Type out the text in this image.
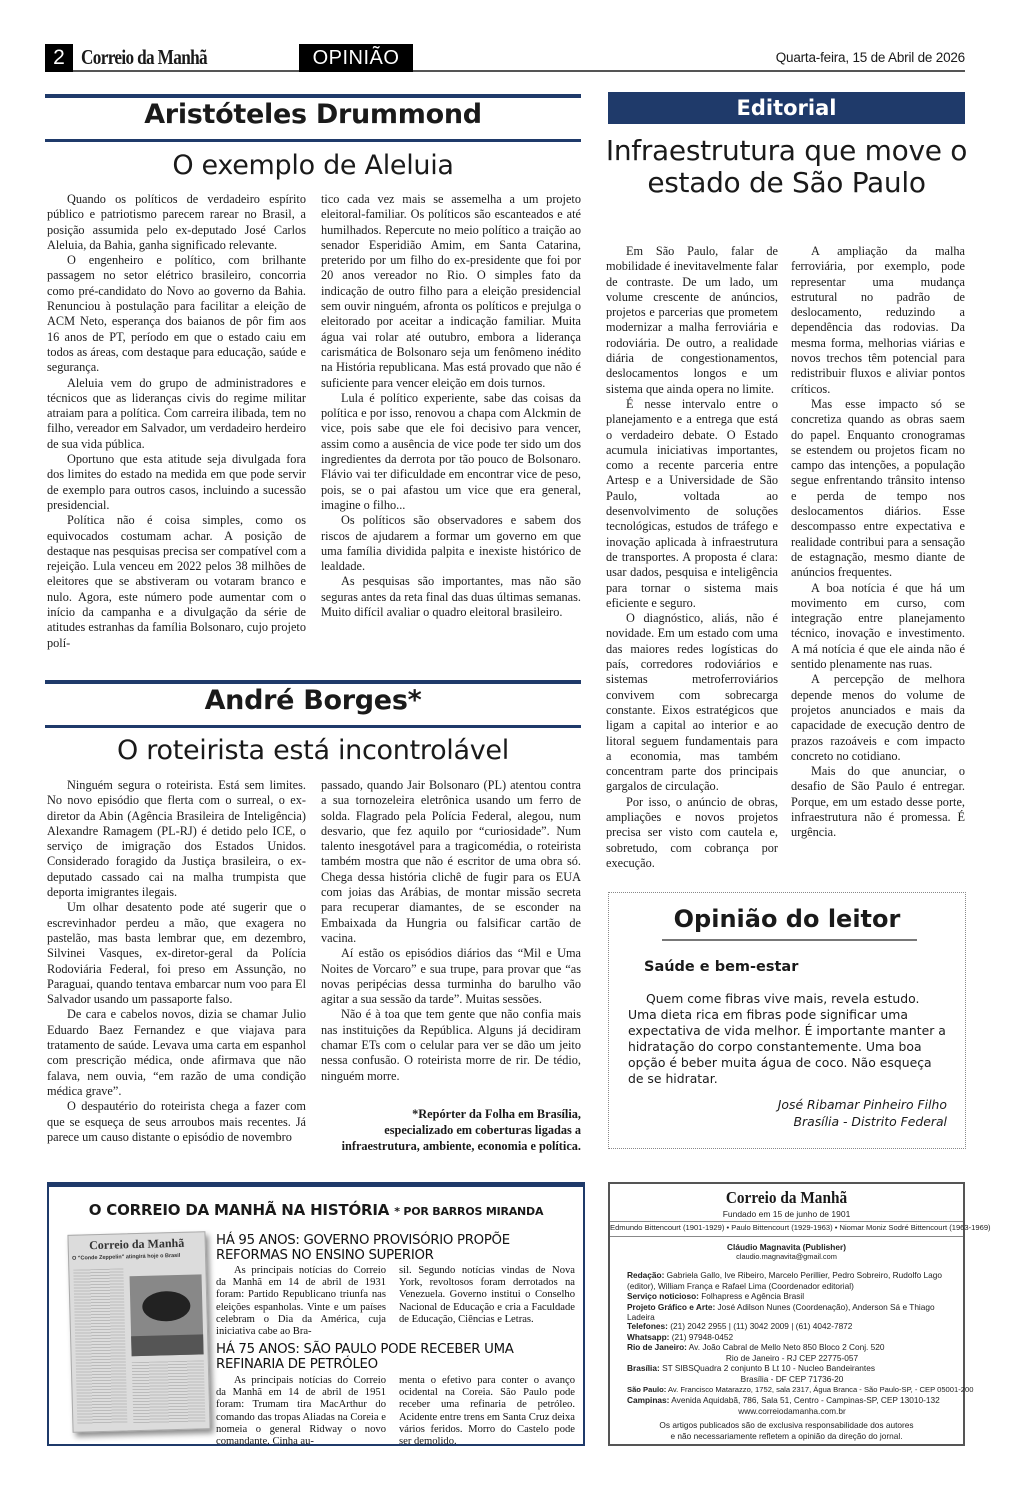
2 Correio da Manhã	OPINIÃO	Quarta-feira, 15 de Abril de 2026
Aristóteles Drummond
O exemplo de Aleluia

Quando os políticos de verdadeiro espírito público e patriotismo parecem rarear no Brasil, a posição assumida pelo ex-deputado José Carlos Aleluia, da Bahia, ganha significado relevante.

O engenheiro e político, com brilhante passagem no setor elétrico brasileiro, concorria como pré-candidato do Novo ao governo da Bahia. Renunciou à postulação para facilitar a eleição de ACM Neto, esperança dos baianos de pôr fim aos 16 anos de PT, período em que o estado caiu em todos as áreas, com destaque para educação, saúde e segurança.

Aleluia vem do grupo de administradores e técnicos que as lideranças civis do regime militar atraiam para a política. Com carreira ilibada, tem no filho, vereador em Salvador, um verdadeiro herdeiro de sua vida pública.

Oportuno que esta atitude seja divulgada fora dos limites do estado na medida em que pode servir de exemplo para outros casos, incluindo a sucessão presidencial.

Política não é coisa simples, como os equivocados costumam achar. A posição de destaque nas pesquisas precisa ser compatível com a rejeição. Lula venceu em 2022 pelos 38 milhões de eleitores que se abstiveram ou votaram branco e nulo. Agora, este número pode aumentar com o início da campanha e a divulgação da série de atitudes estranhas da família Bolsonaro, cujo projeto polí-

tico cada vez mais se assemelha a um projeto eleitoral-familiar. Os políticos são escanteados e até humilhados. Repercute no meio político a traição ao senador Esperidião Amim, em Santa Catarina, preterido por um filho do ex-presidente que foi por 20 anos vereador no Rio. O simples fato da indicação de outro filho para a eleição presidencial sem ouvir ninguém, afronta os políticos e prejulga o eleitorado por aceitar a indicação familiar. Muita água vai rolar até outubro, embora a liderança carismática de Bolsonaro seja um fenômeno inédito na História republicana. Mas está provado que não é suficiente para vencer eleição em dois turnos.

Lula é político experiente, sabe das coisas da política e por isso, renovou a chapa com Alckmin de vice, pois sabe que ele foi decisivo para vencer, assim como a ausência de vice pode ter sido um dos ingredientes da derrota por tão pouco de Bolsonaro. Flávio vai ter dificuldade em encontrar vice de peso, pois, se o pai afastou um vice que era general, imagine o filho...

Os políticos são observadores e sabem dos riscos de ajudarem a formar um governo em que uma família dividida palpita e inexiste histórico de lealdade.

As pesquisas são importantes, mas não são seguras antes da reta final das duas últimas semanas. Muito difícil avaliar o quadro eleitoral brasileiro.

André Borges*
O roteirista está incontrolável

Ninguém segura o roteirista. Está sem limites. No novo episódio que flerta com o surreal, o ex-diretor da Abin (Agência Brasileira de Inteligência) Alexandre Ramagem (PL-RJ) é detido pelo ICE, o serviço de imigração dos Estados Unidos. Considerado foragido da Justiça brasileira, o ex-deputado cassado cai na malha trumpista que deporta imigrantes ilegais.

Um olhar desatento pode até sugerir que o escrevinhador perdeu a mão, que exagera no pastelão, mas basta lembrar que, em dezembro, Silvinei Vasques, ex-diretor-geral da Polícia Rodoviária Federal, foi preso em Assunção, no Paraguai, quando tentava embarcar num voo para El Salvador usando um passaporte falso.

De cara e cabelos novos, dizia se chamar Julio Eduardo Baez Fernandez e que viajava para tratamento de saúde. Levava uma carta em espanhol com prescrição médica, onde afirmava que não falava, nem ouvia, “em razão de uma condição médica grave”.

O despautério do roteirista chega a fazer com que se esqueça de seus arroubos mais recentes. Já parece um causo distante o episódio de novembro

passado, quando Jair Bolsonaro (PL) atentou contra a sua tornozeleira eletrônica usando um ferro de solda. Flagrado pela Polícia Federal, alegou, num desvario, que fez aquilo por “curiosidade”. Num talento inesgotável para a tragicomédia, o roteirista também mostra que não é escritor de uma obra só. Chega dessa história clichê de fugir para os EUA com joias das Arábias, de montar missão secreta para recuperar diamantes, de se esconder na Embaixada da Hungria ou falsificar cartão de vacina.

Aí estão os episódios diários das “Mil e Uma Noites de Vorcaro” e sua trupe, para provar que “as novas peripécias dessa turminha do barulho vão agitar a sua sessão da tarde”. Muitas sessões.

Não é à toa que tem gente que não confia mais nas instituições da República. Alguns já decidiram chamar ETs com o celular para ver se dão um jeito nessa confusão. O roteirista morre de rir. De tédio, ninguém morre.

*Repórter da Folha em Brasília,
especializado em coberturas ligadas a
infraestrutura, ambiente, economia e política.
Editorial
Infraestrutura que move o estado de São Paulo

Em São Paulo, falar de mobilidade é inevitavelmente falar de contraste. De um lado, um volume crescente de anúncios, projetos e parcerias que prometem modernizar a malha ferroviária e rodoviária. De outro, a realidade diária de congestionamentos, deslocamentos longos e um sistema que ainda opera no limite.

É nesse intervalo entre o planejamento e a entrega que está o verdadeiro debate. O Estado acumula iniciativas importantes, como a recente parceria entre Artesp e a Universidade de São Paulo, voltada ao desenvolvimento de soluções tecnológicas, estudos de tráfego e inovação aplicada à infraestrutura de transportes. A proposta é clara: usar dados, pesquisa e inteligência para tornar o sistema mais eficiente e seguro.

O diagnóstico, aliás, não é novidade. Em um estado com uma das maiores redes logísticas do país, corredores rodoviários e sistemas metroferroviários convivem com sobrecarga constante. Eixos estratégicos que ligam a capital ao interior e ao litoral seguem fundamentais para a economia, mas também concentram parte dos principais gargalos de circulação.

Por isso, o anúncio de obras, ampliações e novos projetos precisa ser visto com cautela e, sobretudo, com cobrança por execução.

A ampliação da malha ferroviária, por exemplo, pode representar uma mudança estrutural no padrão de deslocamento, reduzindo a dependência das rodovias. Da mesma forma, melhorias viárias e novos trechos têm potencial para redistribuir fluxos e aliviar pontos críticos.

Mas esse impacto só se concretiza quando as obras saem do papel. Enquanto cronogramas se estendem ou projetos ficam no campo das intenções, a população segue enfrentando trânsito intenso e perda de tempo nos deslocamentos diários. Esse descompasso entre expectativa e realidade contribui para a sensação de estagnação, mesmo diante de anúncios frequentes.

A boa notícia é que há um movimento em curso, com integração entre planejamento técnico, inovação e investimento. A má notícia é que ele ainda não é sentido plenamente nas ruas.

A percepção de melhora depende menos do volume de projetos anunciados e mais da capacidade de execução dentro de prazos razoáveis e com impacto concreto no cotidiano.

Mais do que anunciar, o desafio de São Paulo é entregar. Porque, em um estado desse porte, infraestrutura não é promessa. É urgência.

Opinião do leitor
Saúde e bem-estar
Quem come fibras vive mais, revela estudo. Uma dieta rica em fibras pode significar uma expectativa de vida melhor. É importante manter a hidratação do corpo constantemente. Uma boa opção é beber muita água de coco. Não esqueça de se hidratar.
José Ribamar Pinheiro Filho
Brasília - Distrito Federal
O CORREIO DA MANHÃ NA HISTÓRIA * POR BARROS MIRANDA
Correio da Manhã
O "Conde Zeppelin" atingirá hoje o Brasil
HÁ 95 ANOS: GOVERNO PROVISÓRIO PROPÕE REFORMAS NO ENSINO SUPERIOR

As principais notícias do Correio da Manhã em 14 de abril de 1931 foram: Partido Republicano triunfa nas eleições espanholas. Vinte e um países celebram o Dia da América, cuja iniciativa cabe ao Bra-

sil. Segundo notícias vindas de Nova York, revoltosos foram derrotados na Venezuela. Governo institui o Conselho Nacional de Educação e cria a Faculdade de Educação, Ciências e Letras.

HÁ 75 ANOS: SÃO PAULO PODE RECEBER UMA REFINARIA DE PETRÓLEO

As principais notícias do Correio da Manhã em 14 de abril de 1951 foram: Trumam tira MacArthur do comando das tropas Aliadas na Coreia e nomeia o general Ridway o novo comandante. Cinha au-

menta o efetivo para conter o avanço ocidental na Coreia. São Paulo pode receber uma refinaria de petróleo. Acidente entre trens em Santa Cruz deixa vários feridos. Morro do Castelo pode ser demolido.

Correio da Manhã
Fundado em 15 de junho de 1901
Edmundo Bittencourt (1901-1929) • Paulo Bittencourt (1929-1963) • Niomar Moniz Sodré Bittencourt (1963-1969)
Cláudio Magnavita (Publisher)
claudio.magnavita@gmail.com
Redação: Gabriela Gallo, Ive Ribeiro, Marcelo Perillier, Pedro Sobreiro, Rudolfo Lago (editor), William França e Rafael Lima (Coordenador editorial)
Serviço noticioso: Folhapress e Agência Brasil
Projeto Gráfico e Arte: José Adilson Nunes (Coordenação), Anderson Sá e Thiago Ladeira
Telefones: (21) 2042 2955 | (11) 3042 2009 | (61) 4042-7872
Whatsapp: (21) 97948-0452
Rio de Janeiro: Av. João Cabral de Mello Neto 850 Bloco 2 Conj. 520
Rio de Janeiro - RJ CEP 22775-057
Brasília: ST SIBSQuadra 2 conjunto B Lt 10 - Nucleo Bandeirantes
Brasília - DF CEP 71736-20
São Paulo: Av. Francisco Matarazzo, 1752, sala 2317, Água Branca - São Paulo-SP, - CEP 05001-200
Campinas: Avenida Aquidabã, 786, Sala 51, Centro - Campinas-SP, CEP 13010-132
www.correiodamanha.com.br
Os artigos publicados são de exclusiva responsabilidade dos autores
e não necessariamente refletem a opinião da direção do jornal.
